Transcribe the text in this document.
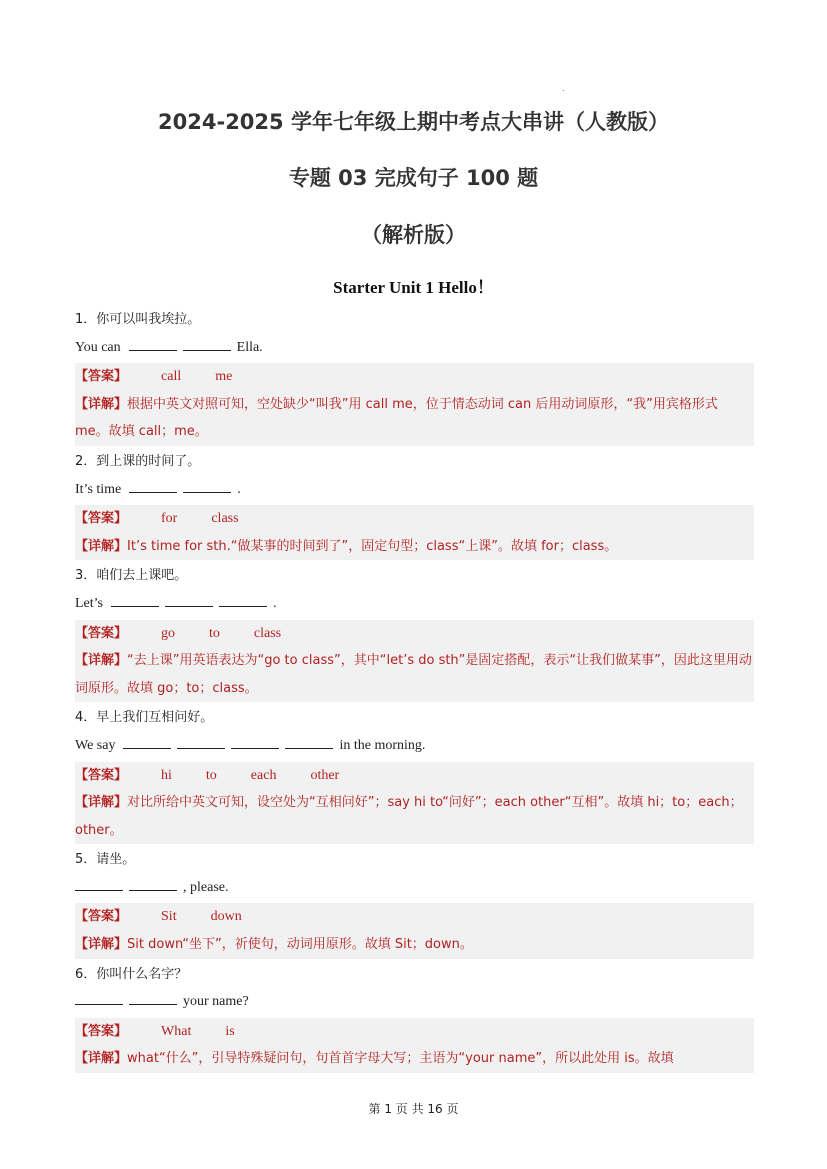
.
2024-2025 学年七年级上期中考点大串讲（人教版）
专题 03 完成句子 100 题
（解析版）
Starter Unit 1 Hello！
1．你可以叫我埃拉。
You can	Ella.
【答案】 call me
【详解】根据中英文对照可知，空处缺少“叫我”用 call me，位于情态动词 can 后用动词原形，“我”用宾格形式 me。故填 call；me。
2．到上课的时间了。
It’s time	.
【答案】 for class
【详解】It’s time for sth.“做某事的时间到了”，固定句型；class“上课”。故填 for；class。
3．咱们去上课吧。
Let’s	.
【答案】 go to class
【详解】“去上课”用英语表达为“go to class”，其中“let’s do sth”是固定搭配，表示“让我们做某事”，因此这里用动词原形。故填 go；to；class。
4．早上我们互相问好。
We say	in the morning.
【答案】 hi to each other
【详解】对比所给中英文可知，设空处为“互相问好”；say hi to“问好”；each other“互相”。故填 hi；to；each；other。
5．请坐。
, please.
【答案】 Sit down
【详解】Sit down“坐下”，祈使句，动词用原形。故填 Sit；down。
6．你叫什么名字？
your name?
【答案】 What is
【详解】what“什么”，引导特殊疑问句，句首首字母大写；主语为“your name”，所以此处用 is。故填
第 1 页 共 16 页
